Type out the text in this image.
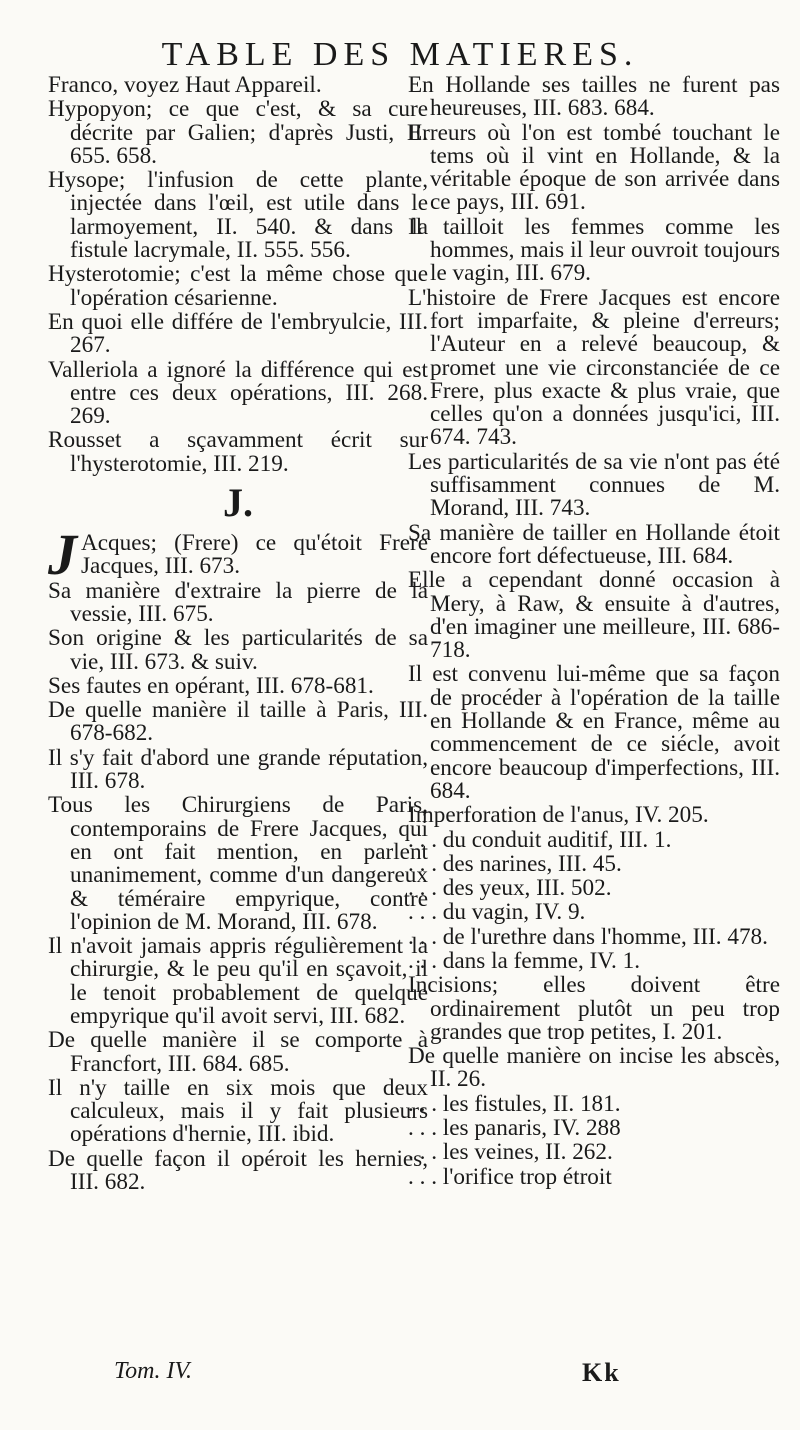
TABLE DES MATIERES.
Franco, voyez Haut Appareil.
Hypopyon; ce que c'est, & sa cure décrite par Galien; d'après Justi, II. 655. 658.
Hysope; l'infusion de cette plante, injectée dans l'œil, est utile dans le larmoyement, II. 540. & dans la fistule lacrymale, II. 555. 556.
Hysterotomie; c'est la même chose que l'opération césarienne.
En quoi elle différe de l'embryulcie, III. 267.
Valleriola a ignoré la différence qui est entre ces deux opérations, III. 268. 269.
Rousset a sçavamment écrit sur l'hysterotomie, III. 219.
J.
J Acques; (Frere) ce qu'étoit Frere Jacques, III. 673.
Sa manière d'extraire la pierre de la vessie, III. 675.
Son origine & les particularités de sa vie, III. 673. & suiv.
Ses fautes en opérant, III. 678-681.
De quelle manière il taille à Paris, III. 678-682.
Il s'y fait d'abord une grande réputation, III. 678.
Tous les Chirurgiens de Paris, contemporains de Frere Jacques, qui en ont fait mention, en parlent unanimement, comme d'un dangereux & téméraire empyrique, contre l'opinion de M. Morand, III. 678.
Il n'avoit jamais appris régulièrement la chirurgie, & le peu qu'il en sçavoit, il le tenoit probablement de quelque empyrique qu'il avoit servi, III. 682.
De quelle manière il se comporte à Francfort, III. 684. 685.
Il n'y taille en six mois que deux calculeux, mais il y fait plusieurs opérations d'hernie, III. ibid.
De quelle façon il opéroit les hernies, III. 682.
En Hollande ses tailles ne furent pas heureuses, III. 683. 684.
Erreurs où l'on est tombé touchant le tems où il vint en Hollande, & la véritable époque de son arrivée dans ce pays, III. 691.
Il tailloit les femmes comme les hommes, mais il leur ouvroit toujours le vagin, III. 679.
L'histoire de Frere Jacques est encore fort imparfaite, & pleine d'erreurs; l'Auteur en a relevé beaucoup, & promet une vie circonstanciée de ce Frere, plus exacte & plus vraie, que celles qu'on a données jusqu'ici, III. 674. 743.
Les particularités de sa vie n'ont pas été suffisamment connues de M. Morand, III. 743.
Sa manière de tailler en Hollande étoit encore fort défectueuse, III. 684.
Elle a cependant donné occasion à Mery, à Raw, & ensuite à d'autres, d'en imaginer une meilleure, III. 686-718.
Il est convenu lui-même que sa façon de procéder à l'opération de la taille en Hollande & en France, même au commencement de ce siécle, avoit encore beaucoup d'imperfections, III. 684.
Imperforation de l'anus, IV. 205.
. . . du conduit auditif, III. 1.
. . . des narines, III. 45.
. . . des yeux, III. 502.
. . . du vagin, IV. 9.
. . . de l'urethre dans l'homme, III. 478.
. . . dans la femme, IV. 1.
Incisions; elles doivent être ordinairement plutôt un peu trop grandes que trop petites, I. 201.
De quelle manière on incise les abscès, II. 26.
. . . les fistules, II. 181.
. . . les panaris, IV. 288
. . . les veines, II. 262.
. . . l'orifice trop étroit
Tom. IV.	Kk
